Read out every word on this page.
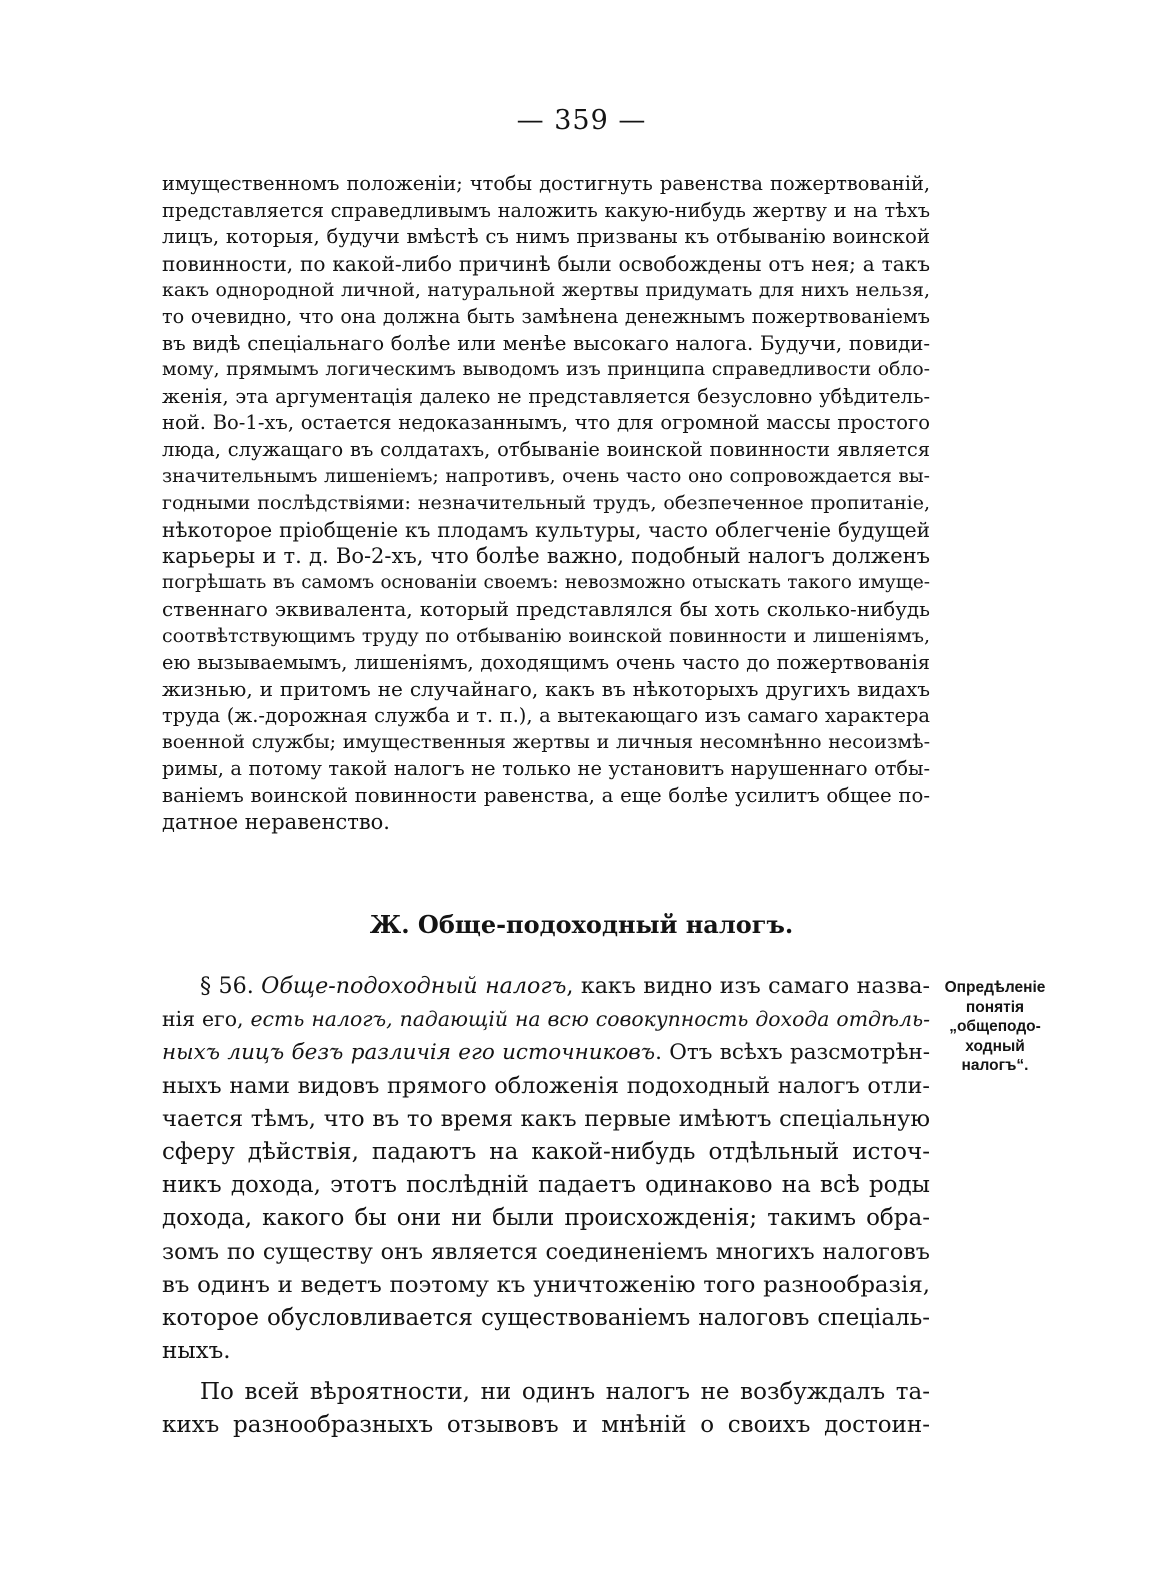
— 359 —
имущественномъ положенiи; чтобы достигнуть равенства пожертвованiй,
представляется справедливымъ наложить какую-нибудь жертву и на тѣхъ
лицъ, которыя, будучи вмѣстѣ съ нимъ призваны къ отбыванiю воинской
повинности, по какой-либо причинѣ были освобождены отъ нея; а такъ
какъ однородной личной, натуральной жертвы придумать для нихъ нельзя,
то очевидно, что она должна быть замѣнена денежнымъ пожертвованiемъ
въ видѣ спецiальнаго болѣе или менѣе высокаго налога. Будучи, повиди-
мому, прямымъ логическимъ выводомъ изъ принципа справедливости обло-
женiя, эта аргументацiя далеко не представляется безусловно убѣдитель-
ной. Во-1-хъ, остается недоказаннымъ, что для огромной массы простого
люда, служащаго въ солдатахъ, отбыванiе воинской повинности является
значительнымъ лишенiемъ; напротивъ, очень часто оно сопровождается вы-
годными послѣдствiями: незначительный трудъ, обезпеченное пропитанiе,
нѣкоторое прiобщенiе къ плодамъ культуры, часто облегченiе будущей
карьеры и т. д. Во-2-хъ, что болѣе важно, подобный налогъ долженъ
погрѣшать въ самомъ основанiи своемъ: невозможно отыскать такого имуще-
ственнаго эквивалента, который представлялся бы хоть сколько-нибудь
соотвѣтствующимъ труду по отбыванiю воинской повинности и лишенiямъ,
ею вызываемымъ, лишенiямъ, доходящимъ очень часто до пожертвованiя
жизнью, и притомъ не случайнаго, какъ въ нѣкоторыхъ другихъ видахъ
труда (ж.-дорожная служба и т. п.), а вытекающаго изъ самаго характера
военной службы; имущественныя жертвы и личныя несомнѣнно несоизмѣ-
римы, а потому такой налогъ не только не установитъ нарушеннаго отбы-
ванiемъ воинской повинности равенства, а еще болѣе усилитъ общее по-
датное неравенство.
Ж. Обще-подоходный налогъ.
§ 56. Обще-подоходный налогъ, какъ видно изъ самаго назва-
нiя его, есть налогъ, падающiй на всю совокупность дохода отдѣль-
ныхъ лицъ безъ различiя его источниковъ. Отъ всѣхъ разсмотрѣн-
ныхъ нами видовъ прямого обложенiя подоходный налогъ отли-
чается тѣмъ, что въ то время какъ первые имѣютъ спецiальную
сферу дѣйствiя, падаютъ на какой-нибудь отдѣльный источ-
никъ дохода, этотъ послѣднiй падаетъ одинаково на всѣ роды
дохода, какого бы они ни были происхожденiя; такимъ обра-
зомъ по существу онъ является соединенiемъ многихъ налоговъ
въ одинъ и ведетъ поэтому къ уничтоженiю того разнообразiя,
которое обусловливается существованiемъ налоговъ спецiаль-
ныхъ.
По всей вѣроятности, ни одинъ налогъ не возбуждалъ та-
кихъ разнообразныхъ отзывовъ и мнѣнiй о своихъ достоин-
Опредѣленiе
понятiя
„общеподо-
ходный
налогъ“.
